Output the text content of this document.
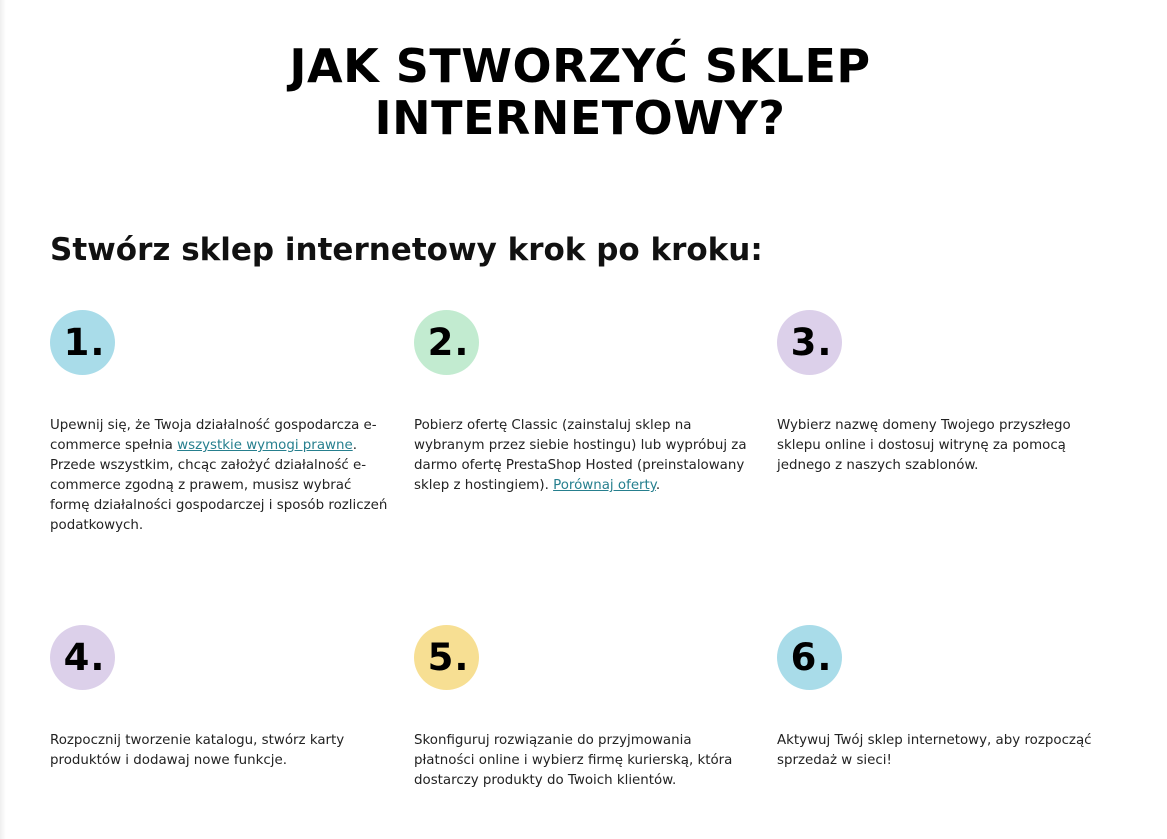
JAK STWORZYĆ SKLEP
INTERNETOWY?
Stwórz sklep internetowy krok po kroku:
1.

Upewnij się, że Twoja działalność gospodarcza e-commerce spełnia wszystkie wymogi prawne. Przede wszystkim, chcąc założyć działalność e-commerce zgodną z prawem, musisz wybrać formę działalności gospodarczej i sposób rozliczeń podatkowych.

2.

Pobierz ofertę Classic (zainstaluj sklep na wybranym przez siebie hostingu) lub wypróbuj za darmo ofertę PrestaShop Hosted (preinstalowany sklep z hostingiem). Porównaj oferty.

3.

Wybierz nazwę domeny Twojego przyszłego sklepu online i dostosuj witrynę za pomocą jednego z naszych szablonów.

4.

Rozpocznij tworzenie katalogu, stwórz karty produktów i dodawaj nowe funkcje.

5.

Skonfiguruj rozwiązanie do przyjmowania płatności online i wybierz firmę kurierską, która dostarczy produkty do Twoich klientów.

6.

Aktywuj Twój sklep internetowy, aby rozpocząć sprzedaż w sieci!
